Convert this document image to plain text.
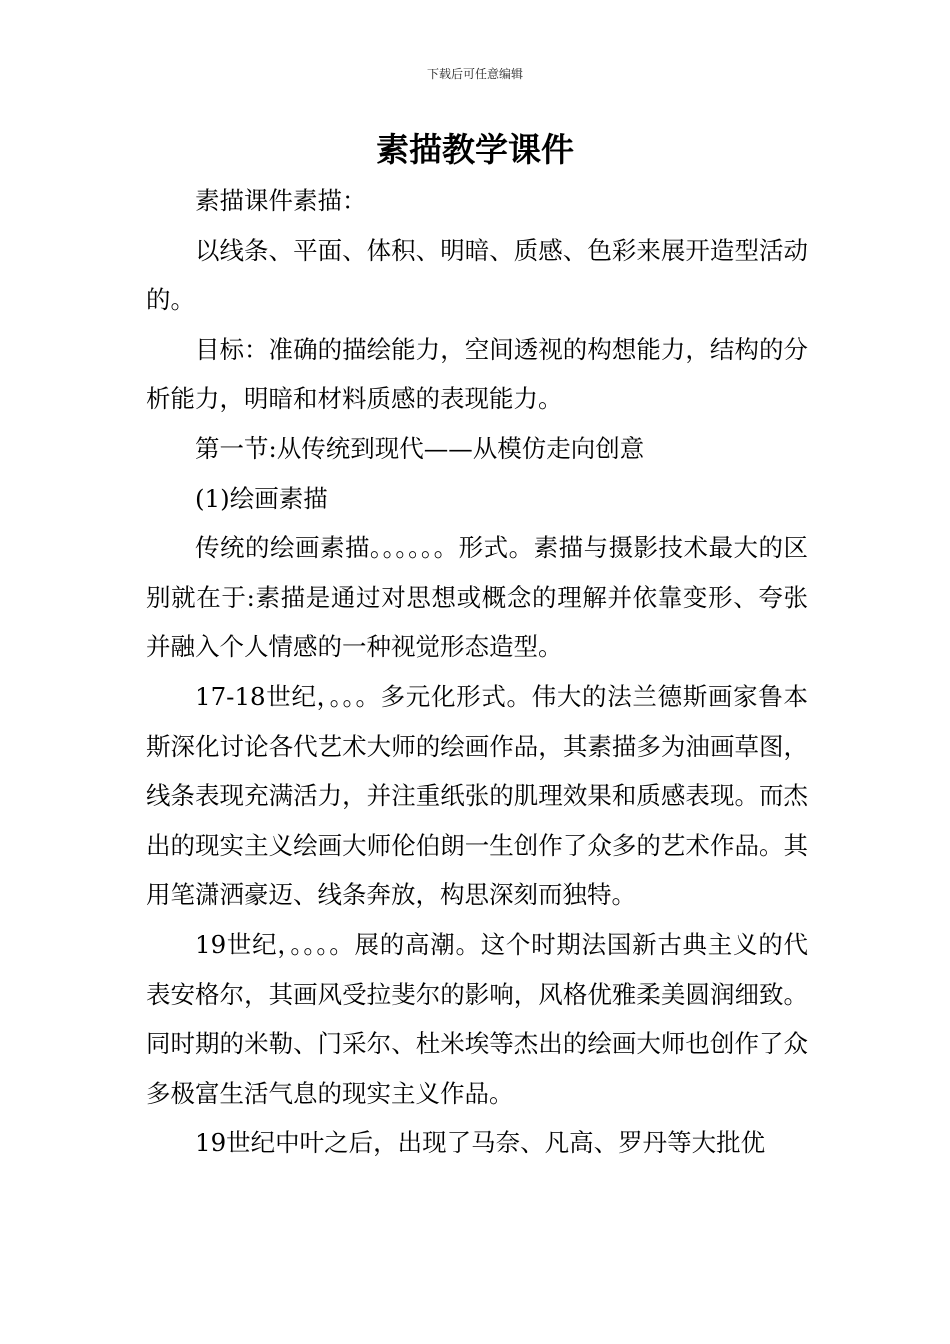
下载后可任意编辑
素描教学课件

素描课件素描：

以线条、平面、体积、明暗、质感、色彩来展开造型活动的。

目标：准确的描绘能力，空间透视的构想能力，结构的分析能力，明暗和材料质感的表现能力。

第一节:从传统到现代——从模仿走向创意

(1)绘画素描

传统的绘画素描。。。。。。形式。素描与摄影技术最大的区别就在于:素描是通过对思想或概念的理解并依靠变形、夸张并融入个人情感的一种视觉形态造型。

17-18世纪，。。。多元化形式。伟大的法兰德斯画家鲁本斯深化讨论各代艺术大师的绘画作品，其素描多为油画草图，线条表现充满活力，并注重纸张的肌理效果和质感表现。而杰出的现实主义绘画大师伦伯朗一生创作了众多的艺术作品。其用笔潇洒豪迈、线条奔放，构思深刻而独特。

19世纪，。。。。展的高潮。这个时期法国新古典主义的代表安格尔，其画风受拉斐尔的影响，风格优雅柔美圆润细致。同时期的米勒、门采尔、杜米埃等杰出的绘画大师也创作了众多极富生活气息的现实主义作品。

19世纪中叶之后，出现了马奈、凡高、罗丹等大批优
